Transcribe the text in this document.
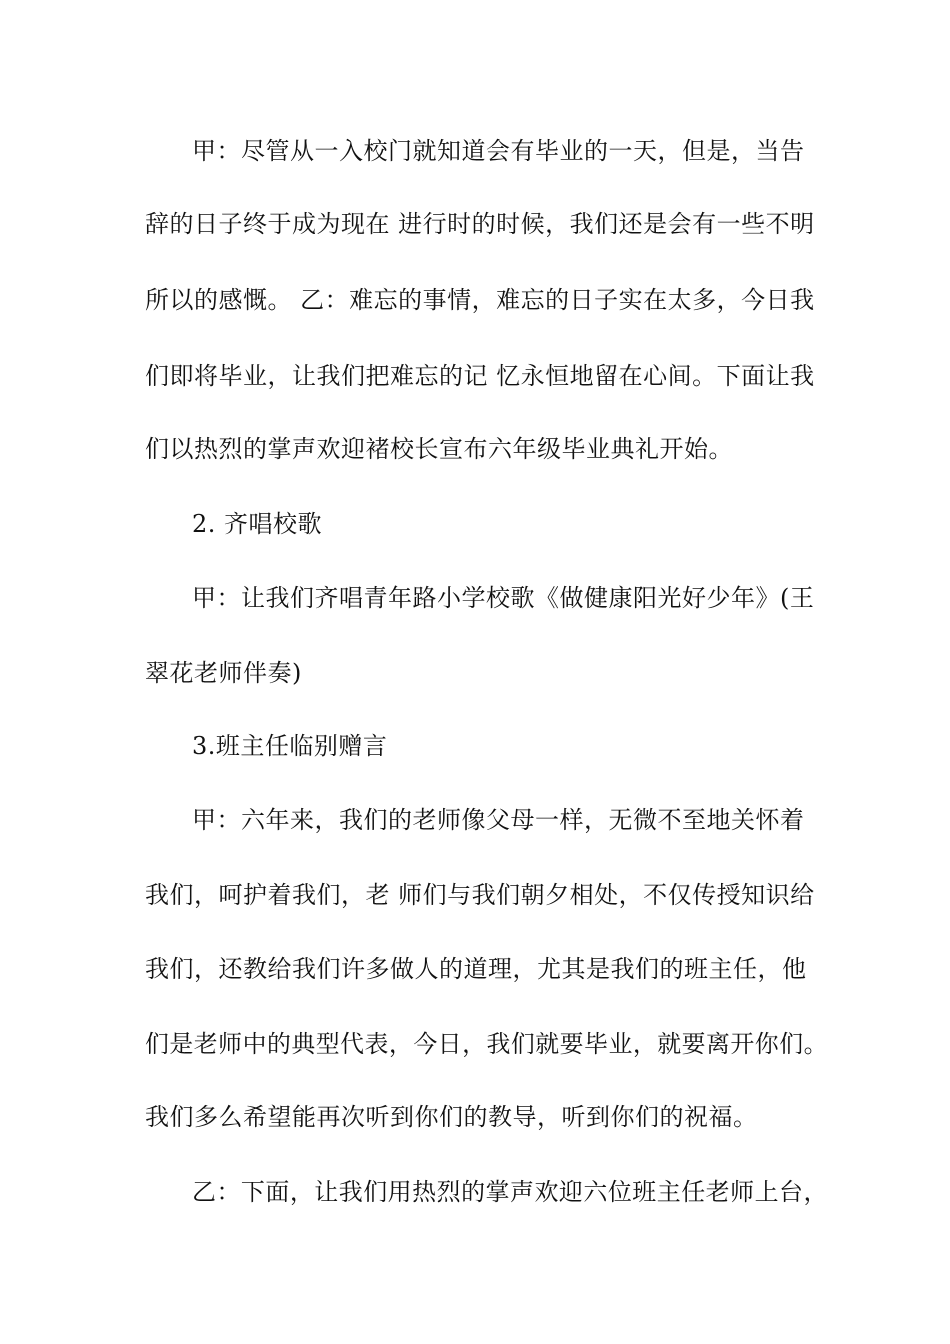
甲：尽管从一入校门就知道会有毕业的一天，但是，当告
辞的日子终于成为现在 进行时的时候，我们还是会有一些不明
所以的感慨。 乙：难忘的事情，难忘的日子实在太多，今日我
们即将毕业，让我们把难忘的记 忆永恒地留在心间。下面让我
们以热烈的掌声欢迎褚校长宣布六年级毕业典礼开始。
2. 齐唱校歌
甲：让我们齐唱青年路小学校歌《做健康阳光好少年》(王
翠花老师伴奏)
3.班主任临别赠言
甲：六年来，我们的老师像父母一样，无微不至地关怀着
我们，呵护着我们，老 师们与我们朝夕相处，不仅传授知识给
我们，还教给我们许多做人的道理，尤其是我们的班主任，他
们是老师中的典型代表，今日，我们就要毕业，就要离开你们。
我们多么希望能再次听到你们的教导，听到你们的祝福。
乙：下面，让我们用热烈的掌声欢迎六位班主任老师上台，
